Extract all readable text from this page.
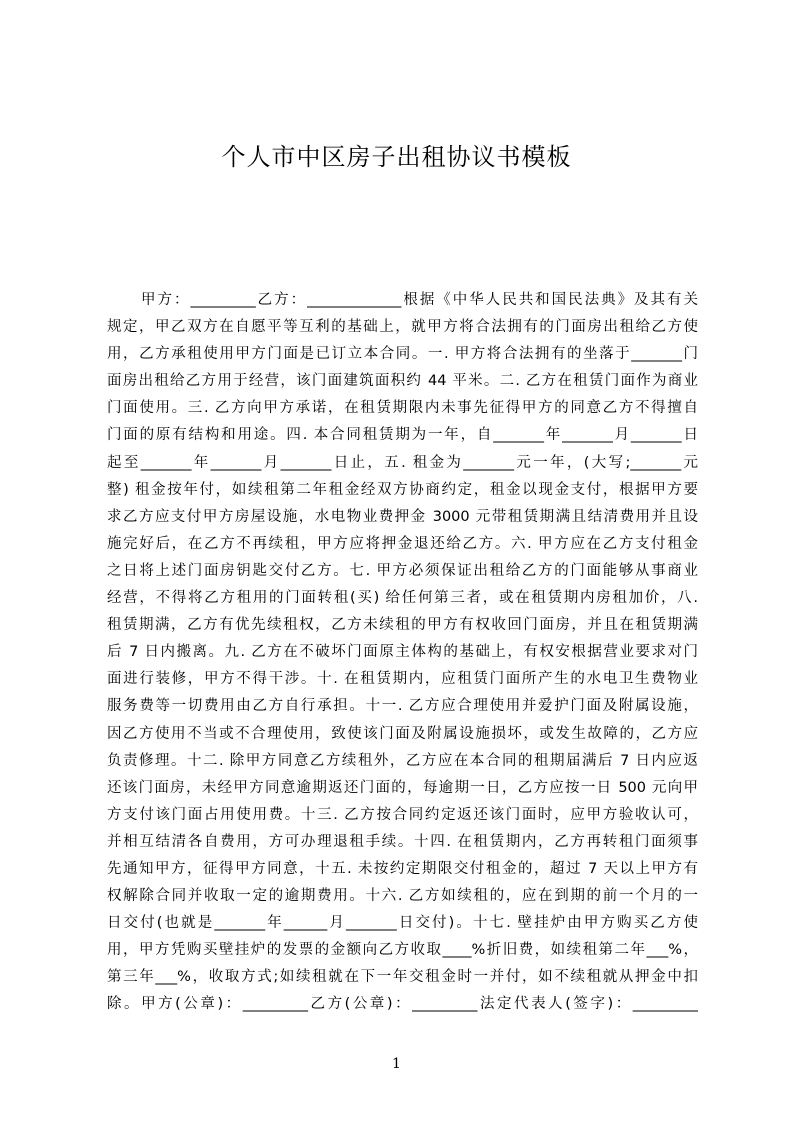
个人市中区房子出租协议书模板
甲方：_________乙方：_____________根据《中华人民共和国民法典》及其有关
规定，甲乙双方在自愿平等互利的基础上，就甲方将合法拥有的门面房出租给乙方使
用，乙方承租使用甲方门面是已订立本合同。一. 甲方将合法拥有的坐落于_______门
面房出租给乙方用于经营，该门面建筑面积约 44 平米。二. 乙方在租赁门面作为商业
门面使用。三. 乙方向甲方承诺，在租赁期限内未事先征得甲方的同意乙方不得擅自
门面的原有结构和用途。四. 本合同租赁期为一年，自_______年_______月_______日
起至_______年_______月_______日止，五. 租金为_______元一年，(大写;_______元
整) 租金按年付，如续租第二年租金经双方协商约定，租金以现金支付，根据甲方要
求乙方应支付甲方房屋设施，水电物业费押金 3000 元带租赁期满且结清费用并且设
施完好后，在乙方不再续租，甲方应将押金退还给乙方。六. 甲方应在乙方支付租金
之日将上述门面房钥匙交付乙方。七. 甲方必须保证出租给乙方的门面能够从事商业
经营，不得将乙方租用的门面转租(买) 给任何第三者，或在租赁期内房租加价，八.
租赁期满，乙方有优先续租权，乙方未续租的甲方有权收回门面房，并且在租赁期满
后 7 日内搬离。九. 乙方在不破坏门面原主体构的基础上，有权安根据营业要求对门
面进行装修，甲方不得干涉。十. 在租赁期内，应租赁门面所产生的水电卫生费物业
服务费等一切费用由乙方自行承担。十一. 乙方应合理使用并爱护门面及附属设施，
因乙方使用不当或不合理使用，致使该门面及附属设施损坏，或发生故障的，乙方应
负责修理。十二. 除甲方同意乙方续租外，乙方应在本合同的租期届满后 7 日内应返
还该门面房，未经甲方同意逾期返还门面的，每逾期一日，乙方应按一日 500 元向甲
方支付该门面占用使用费。十三. 乙方按合同约定返还该门面时，应甲方验收认可，
并相互结清各自费用，方可办理退租手续。十四. 在租赁期内，乙方再转租门面须事
先通知甲方，征得甲方同意，十五. 未按约定期限交付租金的，超过 7 天以上甲方有
权解除合同并收取一定的逾期费用。十六. 乙方如续租的，应在到期的前一个月的一
日交付(也就是_______年______月_______日交付)。十七. 壁挂炉由甲方购买乙方使
用，甲方凭购买壁挂炉的发票的金额向乙方收取____%折旧费，如续租第二年___%，
第三年___%，收取方式;如续租就在下一年交租金时一并付，如不续租就从押金中扣
除。甲方(公章)：_________乙方(公章)：_________法定代表人(签字)：_________
1
